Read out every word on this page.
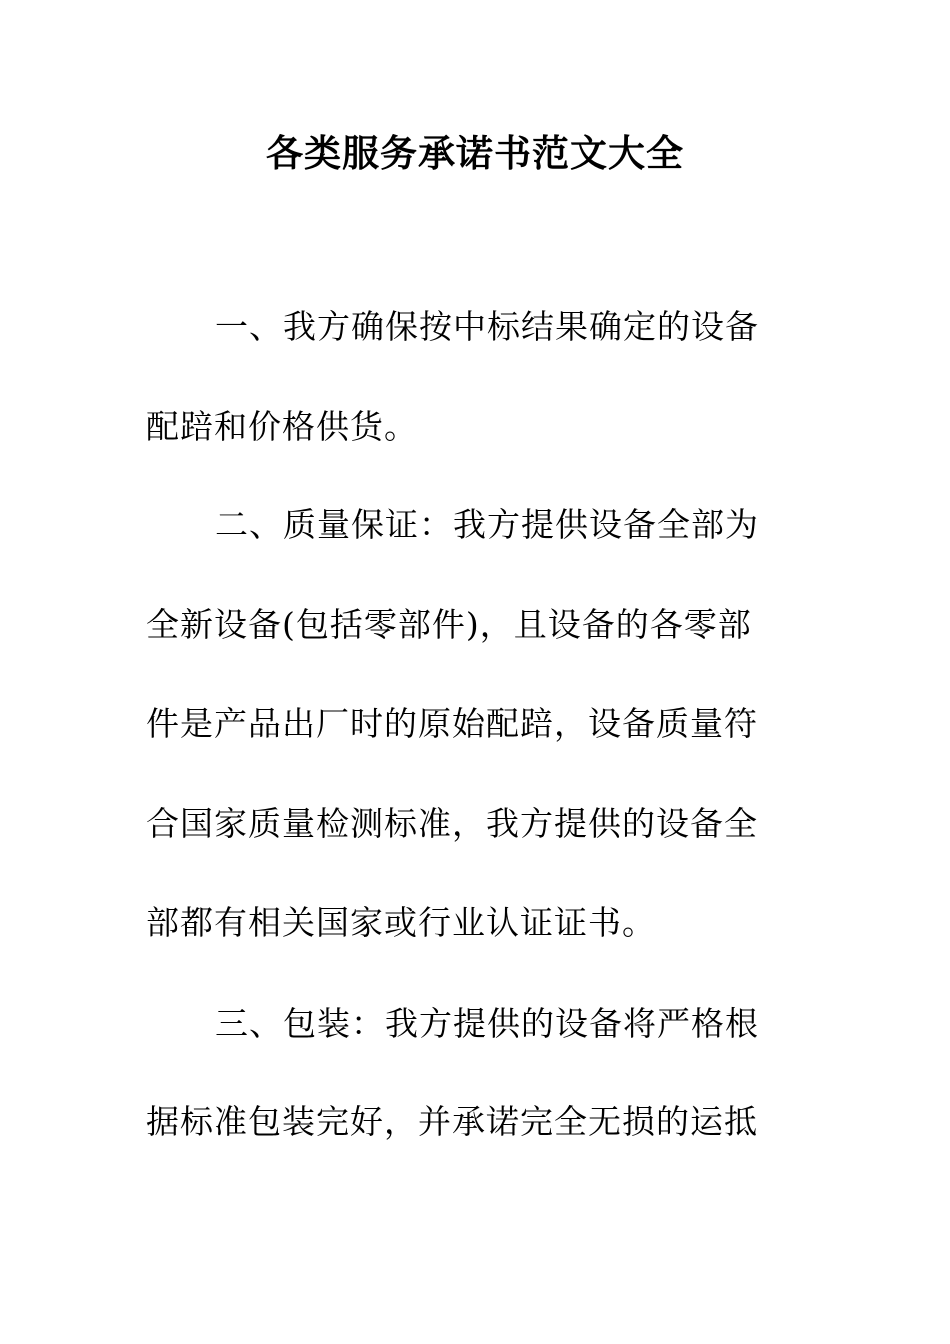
各类服务承诺书范文大全
一、我方确保按中标结果确定的设备
配踣和价格供货。
二、质量保证：我方提供设备全部为
全新设备(包括零部件)，且设备的各零部
件是产品出厂时的原始配踣，设备质量符
合国家质量检测标准，我方提供的设备全
部都有相关国家或行业认证证书。
三、包装：我方提供的设备将严格根
据标准包装完好，并承诺完全无损的运抵
